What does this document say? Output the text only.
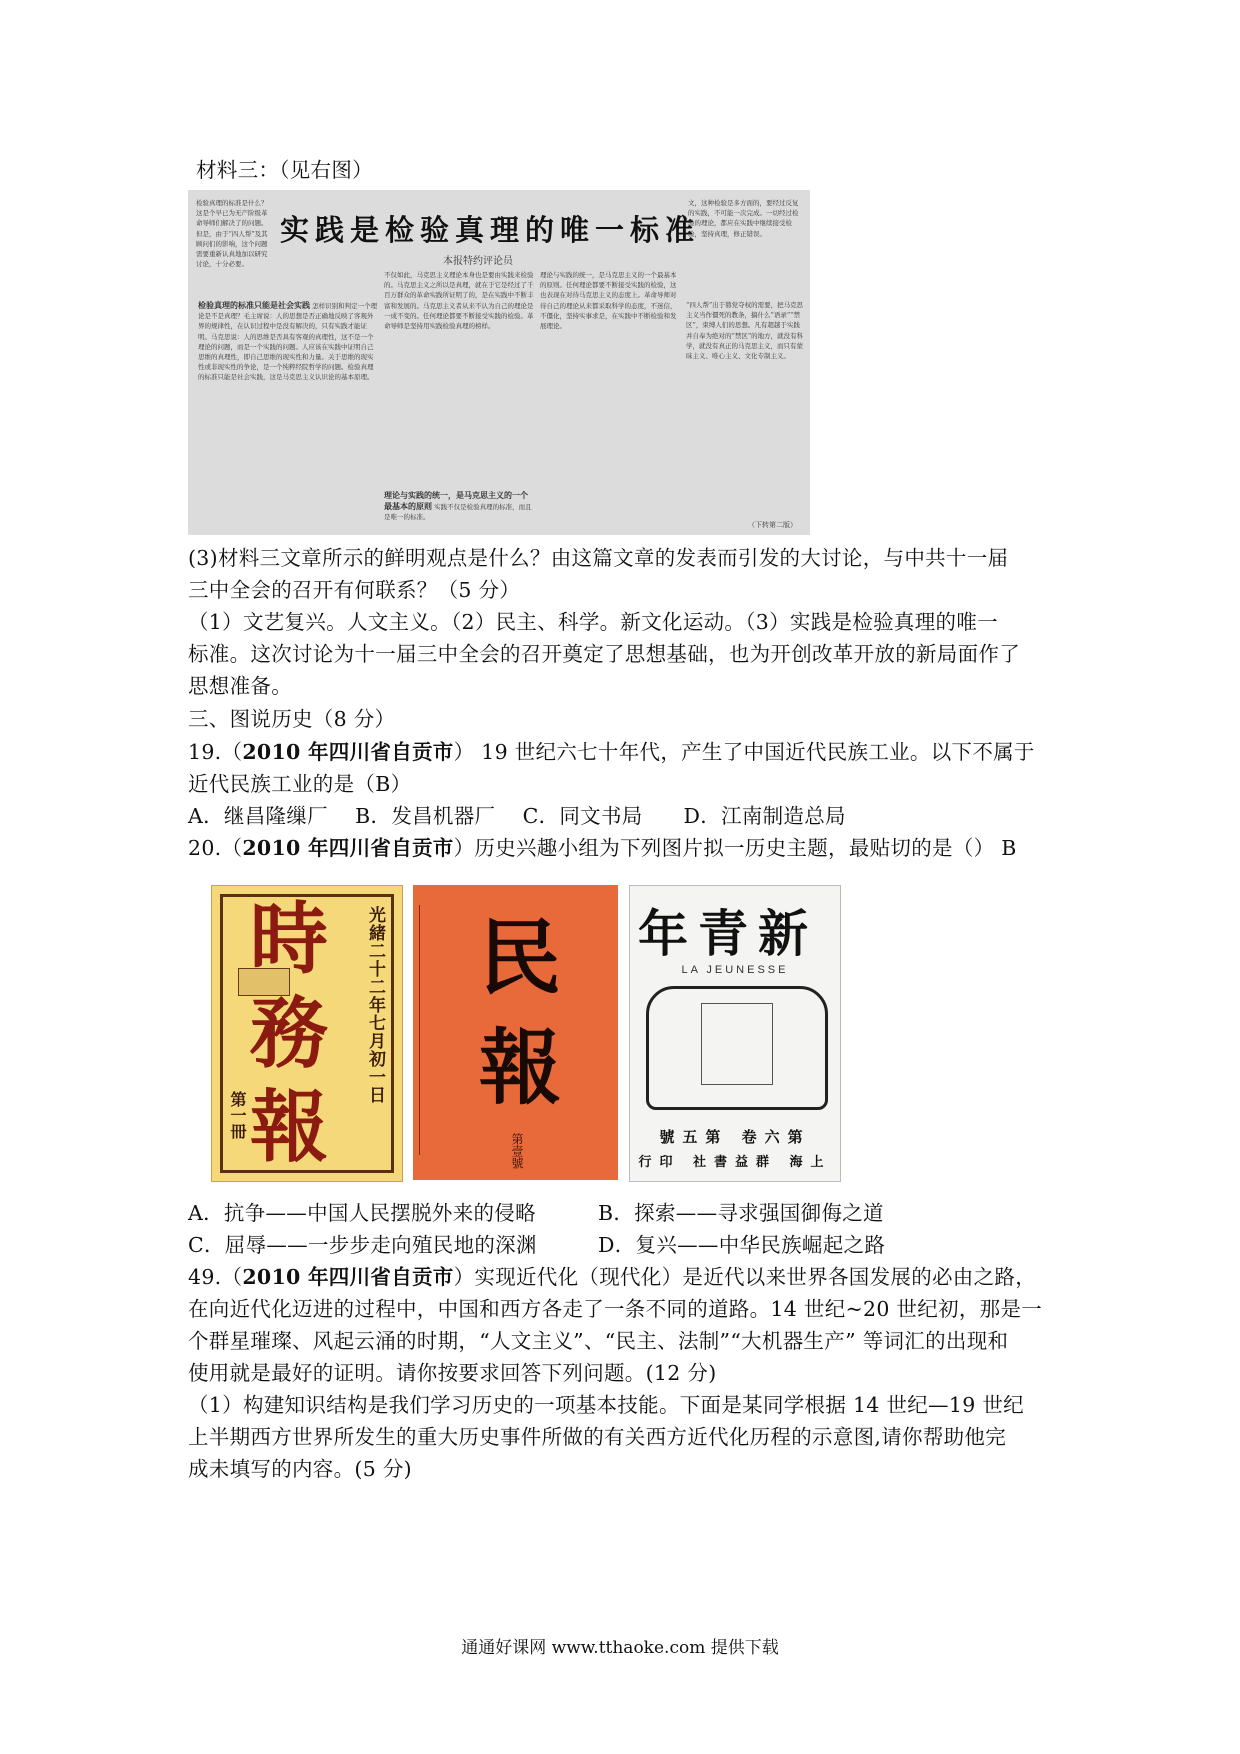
材料三：（见右图）
检验真理的标准是什么？这是个早已为无产阶级革命导师们解决了的问题。但是，由于“四人帮”及其顾问们的影响，这个问题需要重新认真地加以研究讨论，十分必要。
实践是检验真理的唯一标准
本报特约评论员
文，这种检验是多方面的，要经过反复的实践，不可能一次完成。一切经过检验的理论，都应在实践中继续接受检验，坚持真理，修正错误。
检验真理的标准只能是社会实践 怎样识别和判定一个理论是不是真理？毛主席说：人的思想是否正确地反映了客观外界的规律性，在认识过程中是没有解决的，只有实践才能证明。马克思说：人的思维是否具有客观的真理性，这不是一个理论的问题，而是一个实践的问题。人应该在实践中证明自己思维的真理性，即自己思维的现实性和力量。关于思维的现实性或非现实性的争论，是一个纯粹经院哲学的问题。检验真理的标准只能是社会实践，这是马克思主义认识论的基本原理。
不仅如此，马克思主义理论本身也是要由实践来检验的。马克思主义之所以是真理，就在于它是经过了千百万群众的革命实践所证明了的，是在实践中不断丰富和发展的。马克思主义者从来不认为自己的理论是一成不变的。任何理论都要不断接受实践的检验。革命导师是坚持用实践检验真理的榜样。
理论与实践的统一，是马克思主义的一个最基本的原则 实践不仅是检验真理的标准，而且是唯一的标准。
理论与实践的统一，是马克思主义的一个最基本的原则。任何理论都要不断接受实践的检验，这也表现在对待马克思主义的态度上。革命导师对待自己的理论从来都采取科学的态度，不迷信，不僵化，坚持实事求是，在实践中不断检验和发展理论。
“四人帮”出于篡党夺权的需要，把马克思主义当作僵死的教条，搞什么“语录”“禁区”，束缚人们的思想。凡有超越于实践并自奉为绝对的“禁区”的地方，就没有科学，就没有真正的马克思主义，而只有蒙昧主义、唯心主义、文化专制主义。
（下转第二版）
(3)材料三文章所示的鲜明观点是什么？由这篇文章的发表而引发的大讨论，与中共十一届
三中全会的召开有何联系？（5 分）
（1）文艺复兴。人文主义。（2）民主、科学。新文化运动。（3）实践是检验真理的唯一
标准。这次讨论为十一届三中全会的召开奠定了思想基础，也为开创改革开放的新局面作了
思想准备。
三、图说历史（8 分）
19.（2010 年四川省自贡市） 19 世纪六七十年代，产生了中国近代民族工业。以下不属于
近代民族工业的是（B）
A．继昌隆缫厂    B．发昌机器厂    C．同文书局      D．江南制造总局
20.（2010 年四川省自贡市）历史兴趣小组为下列图片拟一历史主题，最贴切的是（） B
時
務
報
光緒二十二年七月初一日
第一冊
民
報
第壹號
年青新
LA JEUNESSE
號五第 卷六第
行印 社書益群 海上
A．抗争——中国人民摆脱外来的侵略	B．探索——寻求强国御侮之道
C．屈辱——一步步走向殖民地的深渊	D．复兴——中华民族崛起之路
49.（2010 年四川省自贡市）实现近代化（现代化）是近代以来世界各国发展的必由之路，
在向近代化迈进的过程中，中国和西方各走了一条不同的道路。14 世纪~20 世纪初，那是一
个群星璀璨、风起云涌的时期，“人文主义”、“民主、法制”“大机器生产” 等词汇的出现和
使用就是最好的证明。请你按要求回答下列问题。(12 分)
（1）构建知识结构是我们学习历史的一项基本技能。下面是某同学根据 14 世纪—19 世纪
上半期西方世界所发生的重大历史事件所做的有关西方近代化历程的示意图,请你帮助他完
成未填写的内容。(5 分)
通通好课网 www.tthaoke.com 提供下载
